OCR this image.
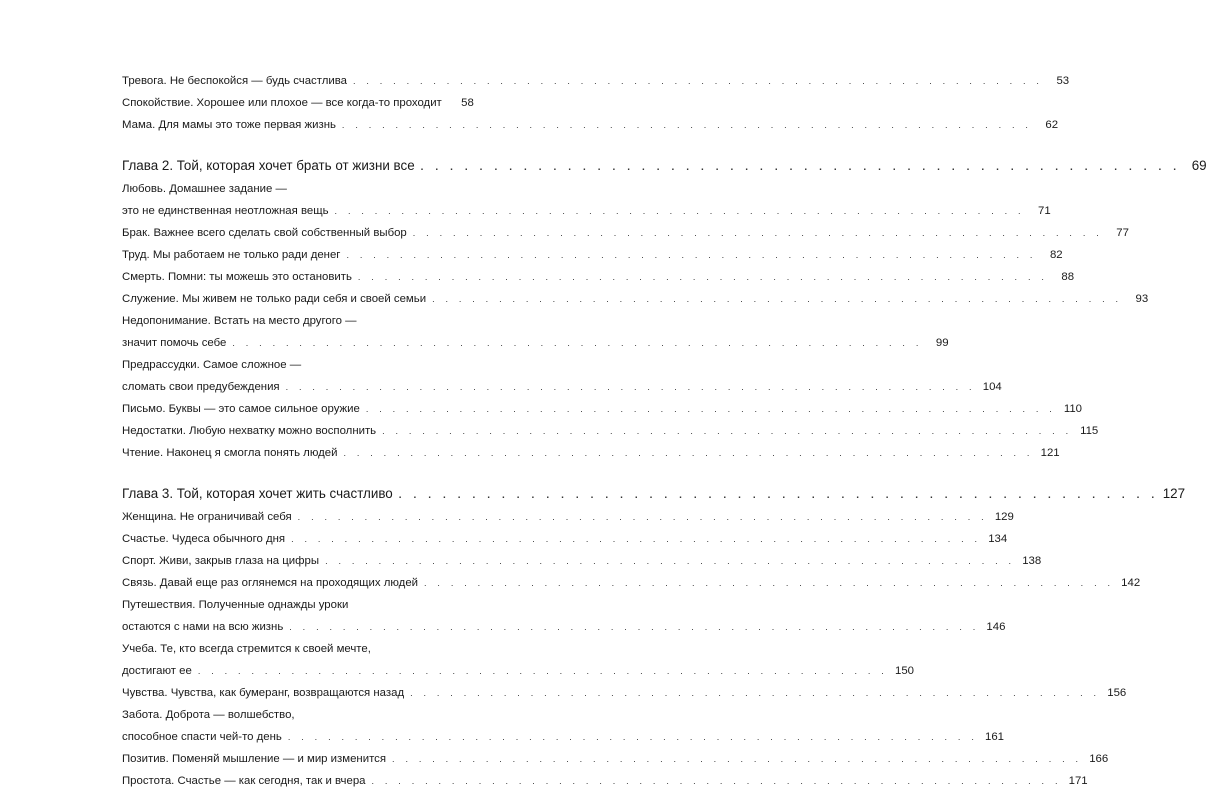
Тревога. Не беспокойся — будь счастлива . . . . . . . . . . . . . . . . . . . . . . . . . . . . . . . . . . . . . . . . . . . . . . . . . . . .	53
Спокойствие. Хорошее или плохое — все когда-то проходит	58
Мама. Для мамы это тоже первая жизнь . . . . . . . . . . . . . . . . . . . . . . . . . . . . . . . . . . . . . . . . . . . . . . . . . . . .	62
Глава 2. Той, которая хочет брать от жизни все . . . . . . . . . . . . . . . . . . . . . . . . . . . . . . . . . . . . . . . . . . . . . . . . . . . . 69
Любовь. Домашнее задание —
это не единственная неотложная вещь . . . . . . . . . . . . . . . . . . . . . . . . . . . . . . . . . . . . . . . . . . . . . . . . . . . .	71
Брак. Важнее всего сделать свой собственный выбор . . . . . . . . . . . . . . . . . . . . . . . . . . . . . . . . . . . . . . . . . . . . . . . . . . . .	77
Труд. Мы работаем не только ради денег . . . . . . . . . . . . . . . . . . . . . . . . . . . . . . . . . . . . . . . . . . . . . . . . . . . .	82
Смерть. Помни: ты можешь это остановить . . . . . . . . . . . . . . . . . . . . . . . . . . . . . . . . . . . . . . . . . . . . . . . . . . . .	88
Служение. Мы живем не только ради себя и своей семьи . . . . . . . . . . . . . . . . . . . . . . . . . . . . . . . . . . . . . . . . . . . . . . . . . . . .	93
Недопонимание. Встать на место другого —
значит помочь себе . . . . . . . . . . . . . . . . . . . . . . . . . . . . . . . . . . . . . . . . . . . . . . . . . . . .	99
Предрассудки. Самое сложное —
сломать свои предубеждения . . . . . . . . . . . . . . . . . . . . . . . . . . . . . . . . . . . . . . . . . . . . . . . . . . . . 104
Письмо. Буквы — это самое сильное оружие . . . . . . . . . . . . . . . . . . . . . . . . . . . . . . . . . . . . . . . . . . . . . . . . . . . . 110
Недостатки. Любую нехватку можно восполнить . . . . . . . . . . . . . . . . . . . . . . . . . . . . . . . . . . . . . . . . . . . . . . . . . . . . 115
Чтение. Наконец я смогла понять людей . . . . . . . . . . . . . . . . . . . . . . . . . . . . . . . . . . . . . . . . . . . . . . . . . . . . 121
Глава 3. Той, которая хочет жить счастливо . . . . . . . . . . . . . . . . . . . . . . . . . . . . . . . . . . . . . . . . . . . . . . . . . . . . 127
Женщина. Не ограничивай себя . . . . . . . . . . . . . . . . . . . . . . . . . . . . . . . . . . . . . . . . . . . . . . . . . . . . 129
Счастье. Чудеса обычного дня . . . . . . . . . . . . . . . . . . . . . . . . . . . . . . . . . . . . . . . . . . . . . . . . . . . . 134
Спорт. Живи, закрыв глаза на цифры . . . . . . . . . . . . . . . . . . . . . . . . . . . . . . . . . . . . . . . . . . . . . . . . . . . . 138
Связь. Давай еще раз оглянемся на проходящих людей . . . . . . . . . . . . . . . . . . . . . . . . . . . . . . . . . . . . . . . . . . . . . . . . . . . . 142
Путешествия. Полученные однажды уроки
остаются с нами на всю жизнь . . . . . . . . . . . . . . . . . . . . . . . . . . . . . . . . . . . . . . . . . . . . . . . . . . . . 146
Учеба. Те, кто всегда стремится к своей мечте,
достигают ее . . . . . . . . . . . . . . . . . . . . . . . . . . . . . . . . . . . . . . . . . . . . . . . . . . . . 150
Чувства. Чувства, как бумеранг, возвращаются назад . . . . . . . . . . . . . . . . . . . . . . . . . . . . . . . . . . . . . . . . . . . . . . . . . . . . 156
Забота. Доброта — волшебство,
способное спасти чей-то день . . . . . . . . . . . . . . . . . . . . . . . . . . . . . . . . . . . . . . . . . . . . . . . . . . . . 161
Позитив. Поменяй мышление — и мир изменится . . . . . . . . . . . . . . . . . . . . . . . . . . . . . . . . . . . . . . . . . . . . . . . . . . . . 166
Простота. Счастье — как сегодня, так и вчера . . . . . . . . . . . . . . . . . . . . . . . . . . . . . . . . . . . . . . . . . . . . . . . . . . . . 171
